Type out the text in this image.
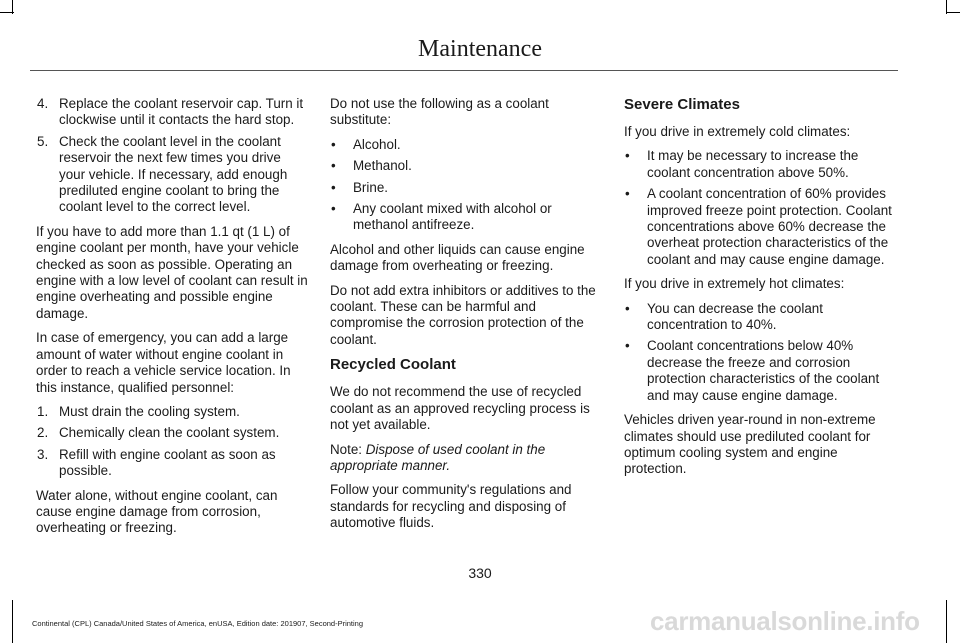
Maintenance
4. Replace the coolant reservoir cap. Turn it clockwise until it contacts the hard stop.
5. Check the coolant level in the coolant reservoir the next few times you drive your vehicle. If necessary, add enough prediluted engine coolant to bring the coolant level to the correct level.

If you have to add more than 1.1 qt (1 L) of engine coolant per month, have your vehicle checked as soon as possible. Operating an engine with a low level of coolant can result in engine overheating and possible engine damage.

In case of emergency, you can add a large amount of water without engine coolant in order to reach a vehicle service location. In this instance, qualified personnel:

1. Must drain the cooling system.
2. Chemically clean the coolant system.
3. Refill with engine coolant as soon as possible.

Water alone, without engine coolant, can cause engine damage from corrosion, overheating or freezing.

Do not use the following as a coolant substitute:

• Alcohol.
• Methanol.
• Brine.
• Any coolant mixed with alcohol or methanol antifreeze.

Alcohol and other liquids can cause engine damage from overheating or freezing.

Do not add extra inhibitors or additives to the coolant. These can be harmful and compromise the corrosion protection of the coolant.

Recycled Coolant

We do not recommend the use of recycled coolant as an approved recycling process is not yet available.

Note: Dispose of used coolant in the appropriate manner.

Follow your community's regulations and standards for recycling and disposing of automotive fluids.

Severe Climates

If you drive in extremely cold climates:

• It may be necessary to increase the coolant concentration above 50%.
• A coolant concentration of 60% provides improved freeze point protection. Coolant concentrations above 60% decrease the overheat protection characteristics of the coolant and may cause engine damage.

If you drive in extremely hot climates:

• You can decrease the coolant concentration to 40%.
• Coolant concentrations below 40% decrease the freeze and corrosion protection characteristics of the coolant and may cause engine damage.

Vehicles driven year-round in non-extreme climates should use prediluted coolant for optimum cooling system and engine protection.

330
Continental (CPL) Canada/United States of America, enUSA, Edition date: 201907, Second-Printing	carmanualsonline.info
